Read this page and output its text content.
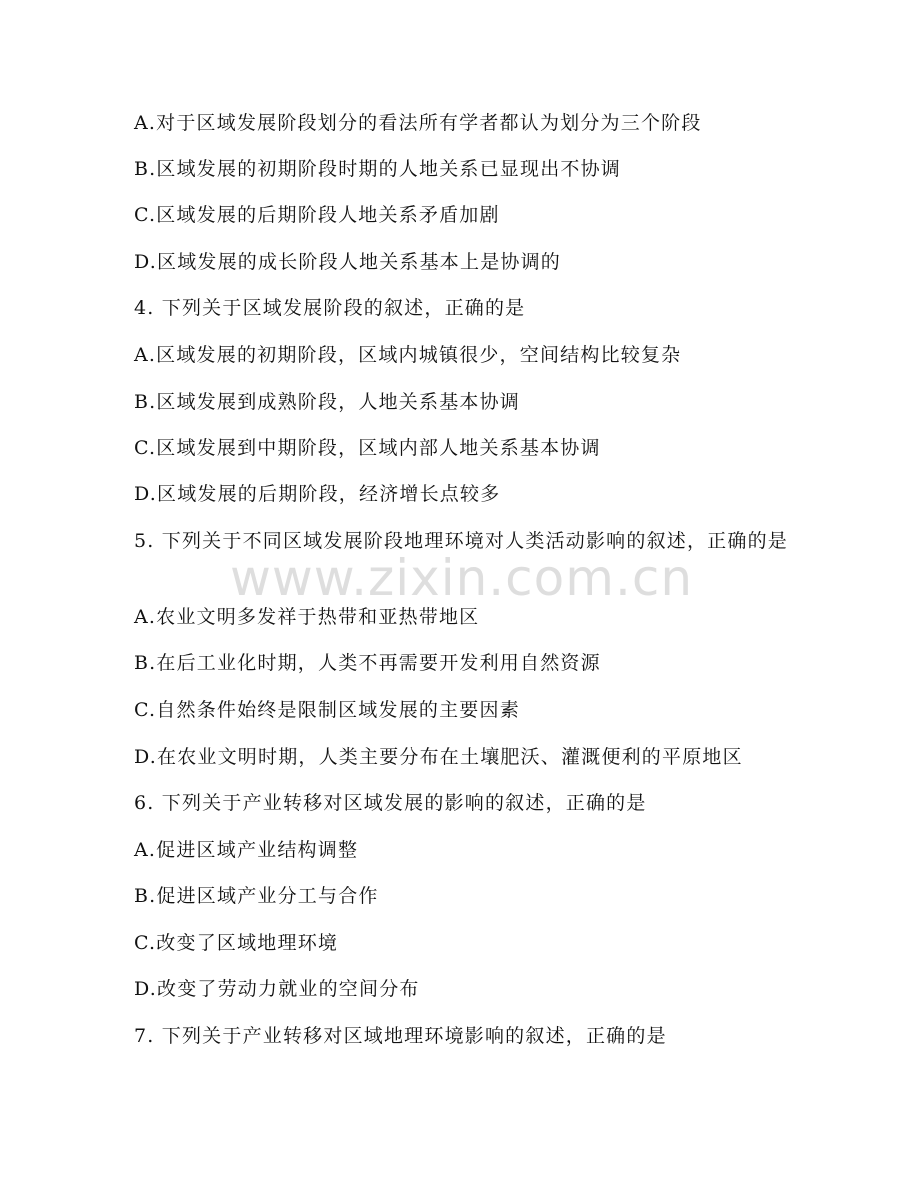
A.对于区域发展阶段划分的看法所有学者都认为划分为三个阶段
B.区域发展的初期阶段时期的人地关系已显现出不协调
C.区域发展的后期阶段人地关系矛盾加剧
D.区域发展的成长阶段人地关系基本上是协调的
4. 下列关于区域发展阶段的叙述，正确的是
A.区域发展的初期阶段，区域内城镇很少，空间结构比较复杂
B.区域发展到成熟阶段，人地关系基本协调
C.区域发展到中期阶段，区域内部人地关系基本协调
D.区域发展的后期阶段，经济增长点较多
5. 下列关于不同区域发展阶段地理环境对人类活动影响的叙述，正确的是
A.农业文明多发祥于热带和亚热带地区
B.在后工业化时期，人类不再需要开发利用自然资源
C.自然条件始终是限制区域发展的主要因素
D.在农业文明时期，人类主要分布在土壤肥沃、灌溉便利的平原地区
6. 下列关于产业转移对区域发展的影响的叙述，正确的是
A.促进区域产业结构调整
B.促进区域产业分工与合作
C.改变了区域地理环境
D.改变了劳动力就业的空间分布
7. 下列关于产业转移对区域地理环境影响的叙述，正确的是
www.zixin.com.cn
